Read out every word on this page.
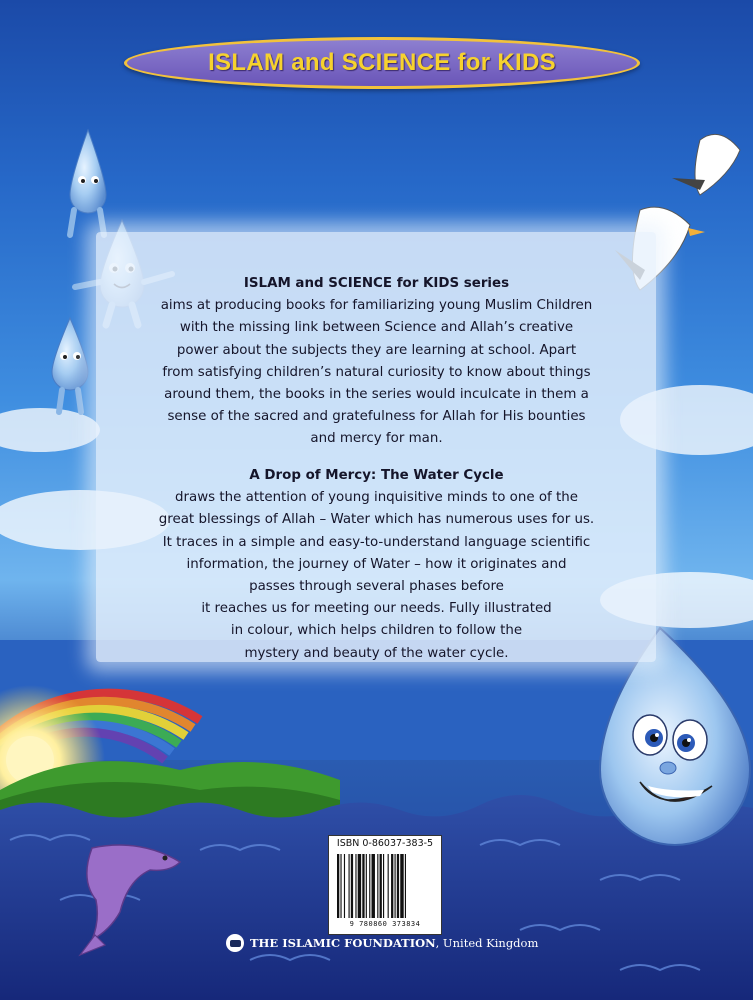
ISLAM and SCIENCE for KIDS
ISLAM and SCIENCE for KIDS series

aims at producing books for familiarizing young Muslim Children

with the missing link between Science and Allah’s creative

power about the subjects they are learning at school. Apart

from satisfying children’s natural curiosity to know about things

around them, the books in the series would inculcate in them a

sense of the sacred and gratefulness for Allah for His bounties

and mercy for man.

A Drop of Mercy: The Water Cycle

draws the attention of young inquisitive minds to one of the

great blessings of Allah – Water which has numerous uses for us.

It traces in a simple and easy-to-understand language scientific

information, the journey of Water – how it originates and

passes through several phases before

it reaches us for meeting our needs. Fully illustrated

in colour, which helps children to follow the

mystery and beauty of the water cycle.

ISBN 0-86037-383-5
9 780860 373834
THE ISLAMIC FOUNDATION, United Kingdom
